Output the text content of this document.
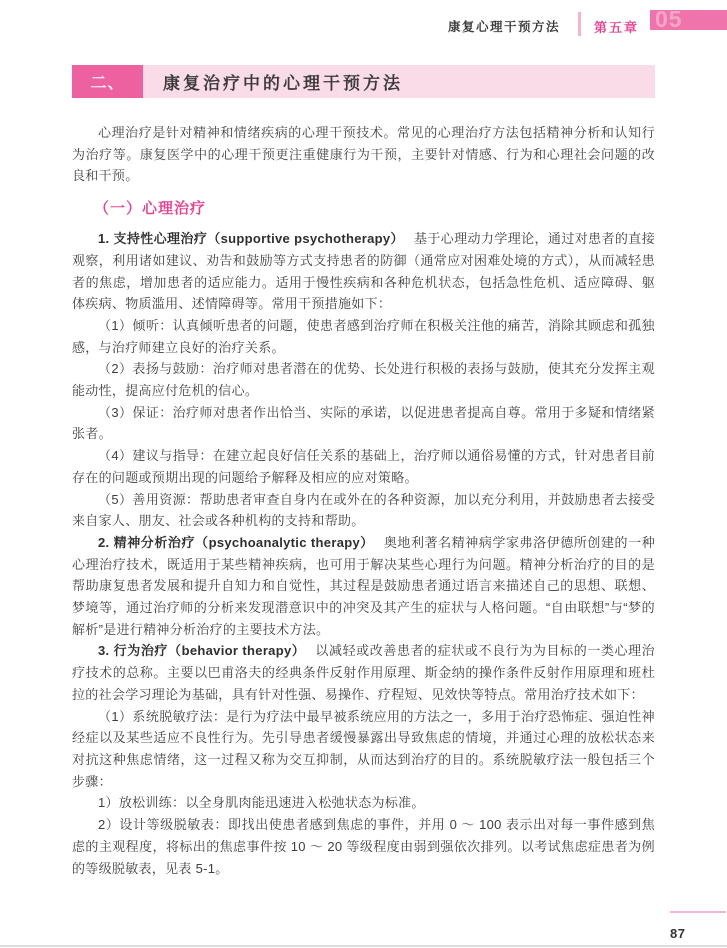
康复心理干预方法	第五章 05
二、	康复治疗中的心理干预方法

心理治疗是针对精神和情绪疾病的心理干预技术。常见的心理治疗方法包括精神分析和认知行为治疗等。康复医学中的心理干预更注重健康行为干预，主要针对情感、行为和心理社会问题的改良和干预。

（一）心理治疗

1. 支持性心理治疗（supportive psychotherapy） 基于心理动力学理论，通过对患者的直接观察，利用诸如建议、劝告和鼓励等方式支持患者的防御（通常应对困难处境的方式），从而减轻患者的焦虑，增加患者的适应能力。适用于慢性疾病和各种危机状态，包括急性危机、适应障碍、躯体疾病、物质滥用、述情障碍等。常用干预措施如下：

（1）倾听：认真倾听患者的问题，使患者感到治疗师在积极关注他的痛苦，消除其顾虑和孤独感，与治疗师建立良好的治疗关系。

（2）表扬与鼓励：治疗师对患者潜在的优势、长处进行积极的表扬与鼓励，使其充分发挥主观能动性，提高应付危机的信心。

（3）保证：治疗师对患者作出恰当、实际的承诺，以促进患者提高自尊。常用于多疑和情绪紧张者。

（4）建议与指导：在建立起良好信任关系的基础上，治疗师以通俗易懂的方式，针对患者目前存在的问题或预期出现的问题给予解释及相应的应对策略。

（5）善用资源：帮助患者审查自身内在或外在的各种资源，加以充分利用，并鼓励患者去接受来自家人、朋友、社会或各种机构的支持和帮助。

2. 精神分析治疗（psychoanalytic therapy） 奥地利著名精神病学家弗洛伊德所创建的一种心理治疗技术，既适用于某些精神疾病，也可用于解决某些心理行为问题。精神分析治疗的目的是帮助康复患者发展和提升自知力和自觉性，其过程是鼓励患者通过语言来描述自己的思想、联想、梦境等，通过治疗师的分析来发现潜意识中的冲突及其产生的症状与人格问题。“自由联想”与“梦的解析”是进行精神分析治疗的主要技术方法。

3. 行为治疗（behavior therapy） 以减轻或改善患者的症状或不良行为为目标的一类心理治疗技术的总称。主要以巴甫洛夫的经典条件反射作用原理、斯金纳的操作条件反射作用原理和班杜拉的社会学习理论为基础，具有针对性强、易操作、疗程短、见效快等特点。常用治疗技术如下：

（1）系统脱敏疗法：是行为疗法中最早被系统应用的方法之一，多用于治疗恐怖症、强迫性神经症以及某些适应不良性行为。先引导患者缓慢暴露出导致焦虑的情境，并通过心理的放松状态来对抗这种焦虑情绪，这一过程又称为交互抑制，从而达到治疗的目的。系统脱敏疗法一般包括三个步骤：

1）放松训练：以全身肌肉能迅速进入松弛状态为标准。

2）设计等级脱敏表：即找出使患者感到焦虑的事件，并用 0 ～ 100 表示出对每一事件感到焦虑的主观程度，将标出的焦虑事件按 10 ～ 20 等级程度由弱到强依次排列。以考试焦虑症患者为例的等级脱敏表，见表 5-1。

87
